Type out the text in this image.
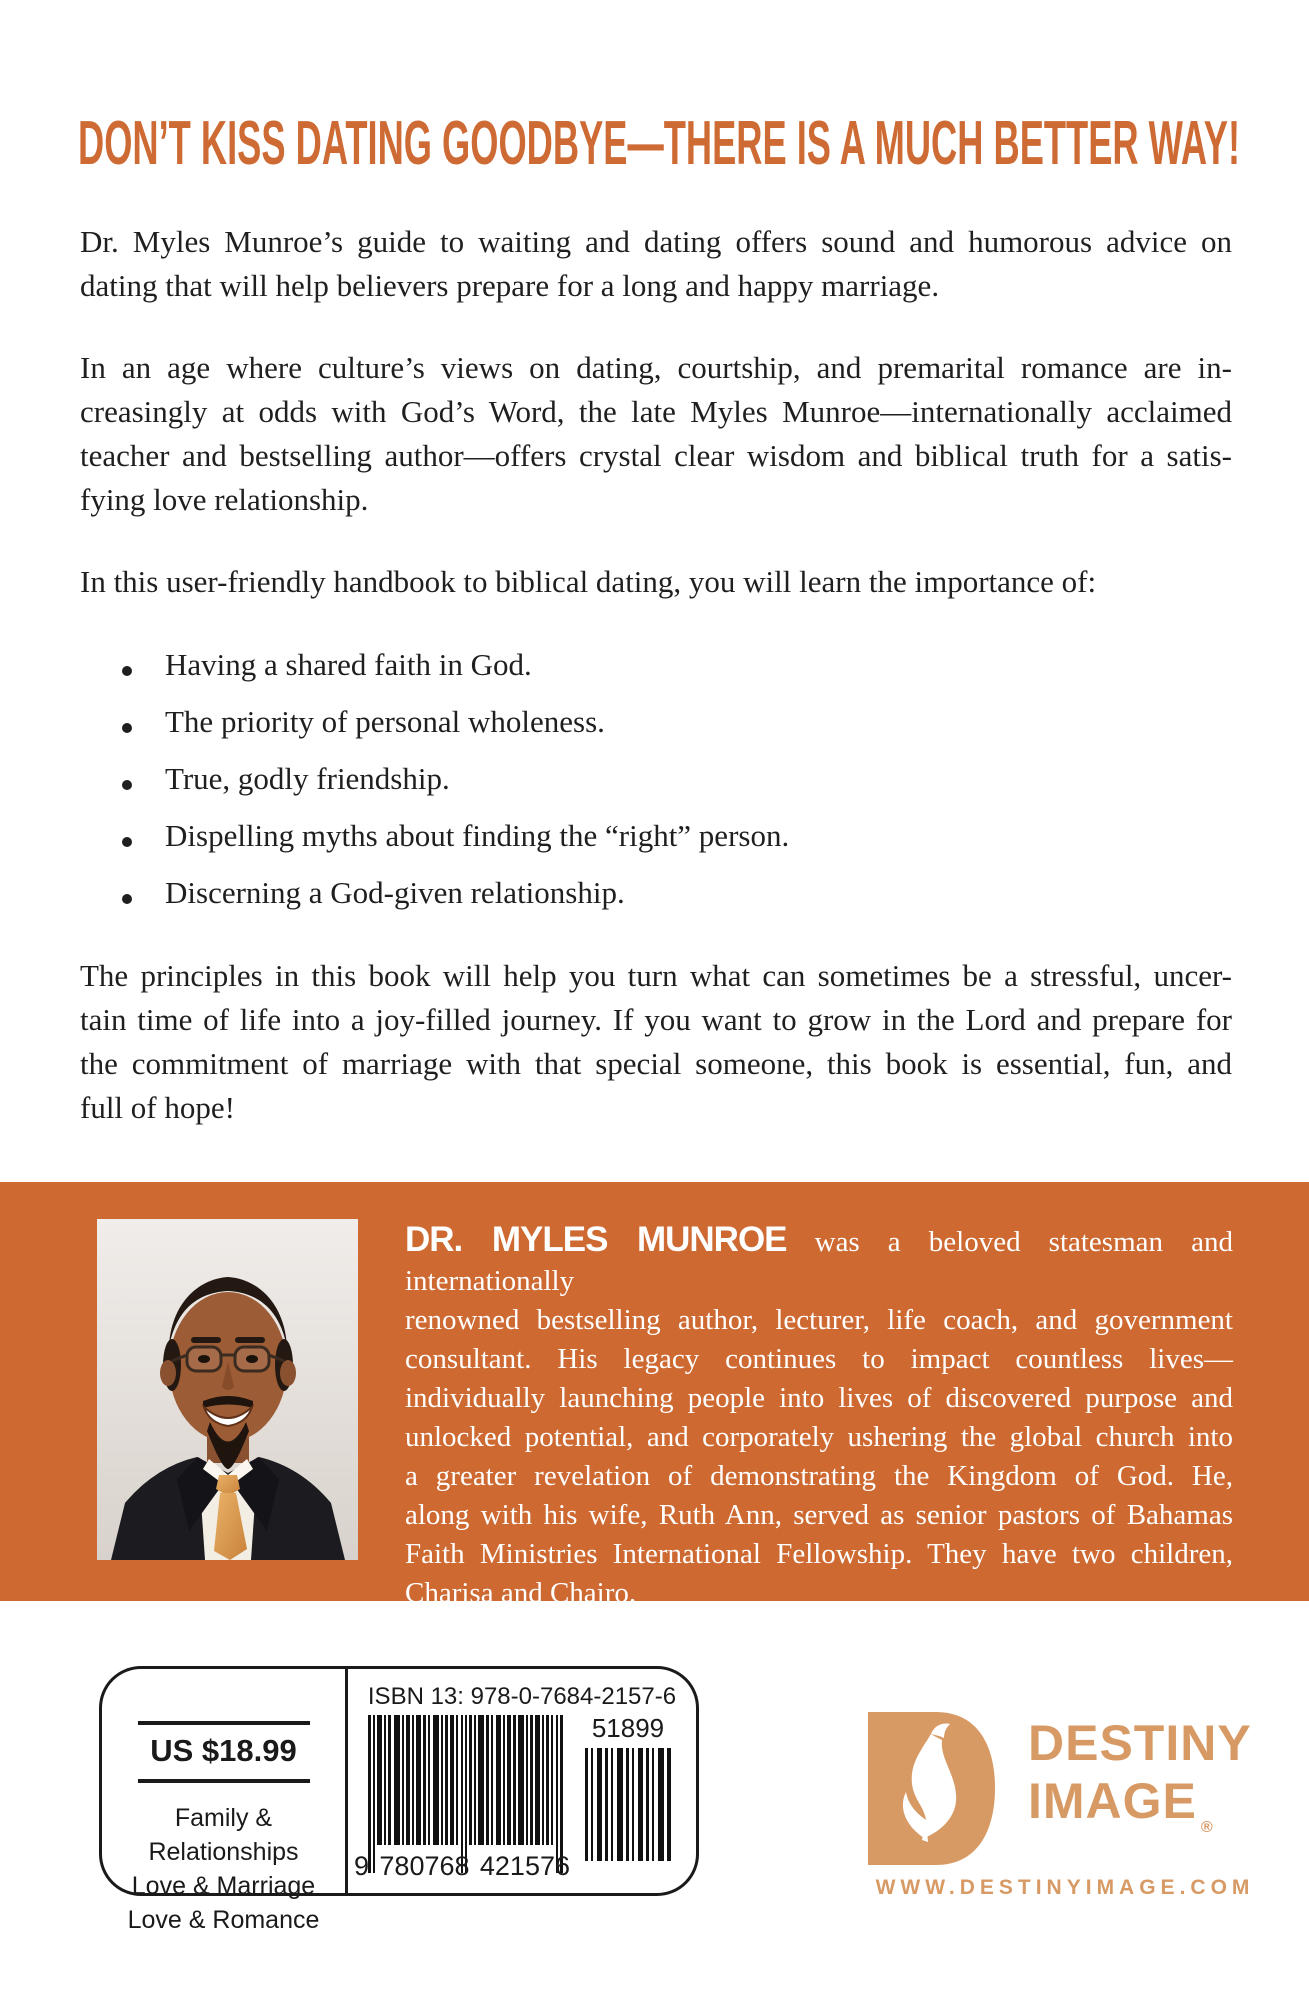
DON’T KISS DATING GOODBYE—THERE IS A MUCH BETTER WAY!
Dr. Myles Munroe’s guide to waiting and dating offers sound and humorous advice on
dating that will help believers prepare for a long and happy marriage.
In an age where culture’s views on dating, courtship, and premarital romance are in-
creasingly at odds with God’s Word, the late Myles Munroe—internationally acclaimed
teacher and bestselling author—offers crystal clear wisdom and biblical truth for a satis-
fying love relationship.
In this user-friendly handbook to biblical dating, you will learn the importance of:
Having a shared faith in God.
The priority of personal wholeness.
True, godly friendship.
Dispelling myths about finding the “right” person.
Discerning a God-given relationship.
The principles in this book will help you turn what can sometimes be a stressful, uncer-
tain time of life into a joy-filled journey. If you want to grow in the Lord and prepare for
the commitment of marriage with that special someone, this book is essential, fun, and
full of hope!
DR. MYLES MUNROE was a beloved statesman and internationally
renowned bestselling author, lecturer, life coach, and government
consultant. His legacy continues to impact countless lives—
individually launching people into lives of discovered purpose and
unlocked potential, and corporately ushering the global church into
a greater revelation of demonstrating the Kingdom of God. He,
along with his wife, Ruth Ann, served as senior pastors of Bahamas
Faith Ministries International Fellowship. They have two children,
Charisa and Chairo.
US $18.99
Family & Relationships
Love & Marriage
Love & Romance
ISBN 13: 978-0-7684-2157-6
9 780768 421576
51899	DESTINY
IMAGE ®
WWW.DESTINYIMAGE.COM
